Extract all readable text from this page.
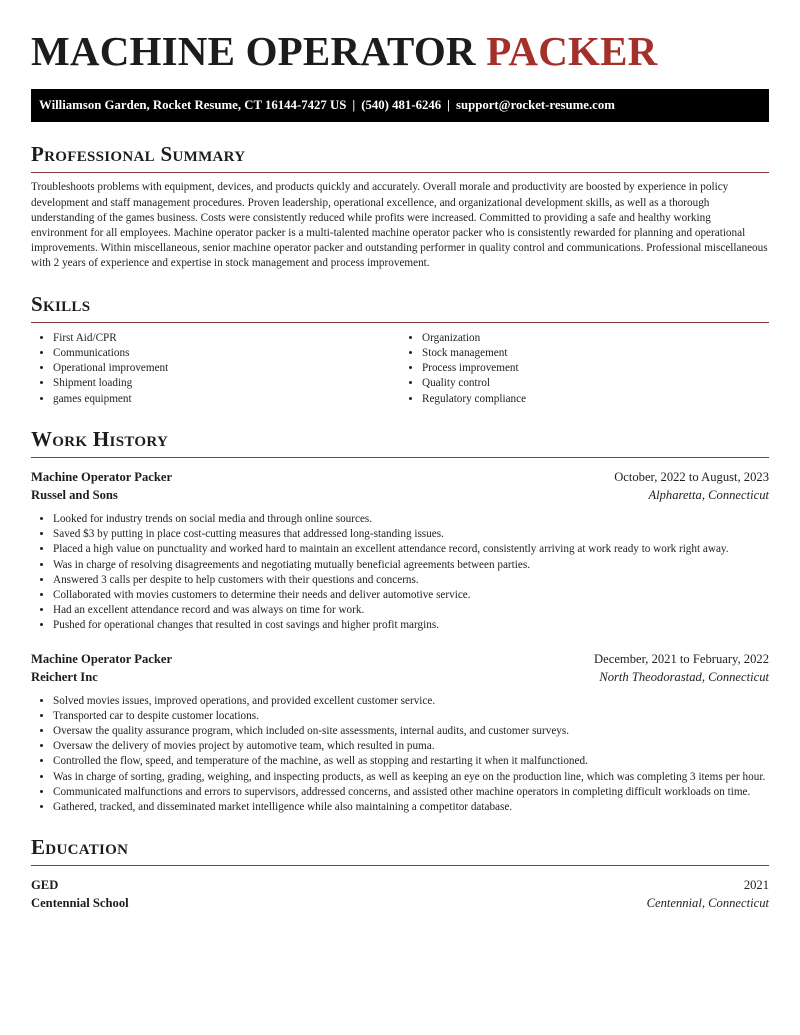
MACHINE OPERATOR PACKER
Williamson Garden, Rocket Resume, CT 16144-7427 US | (540) 481-6246 | support@rocket-resume.com
Professional Summary

Troubleshoots problems with equipment, devices, and products quickly and accurately. Overall morale and productivity are boosted by experience in policy development and staff management procedures. Proven leadership, operational excellence, and organizational development skills, as well as a thorough understanding of the games business. Costs were consistently reduced while profits were increased. Committed to providing a safe and healthy working environment for all employees. Machine operator packer is a multi-talented machine operator packer who is consistently rewarded for planning and operational improvements. Within miscellaneous, senior machine operator packer and outstanding performer in quality control and communications. Professional miscellaneous with 2 years of experience and expertise in stock management and process improvement.

Skills
• First Aid/CPR
• Communications
• Operational improvement
• Shipment loading
• games equipment
• Organization
• Stock management
• Process improvement
• Quality control
• Regulatory compliance
Work History
Machine Operator Packer	October, 2022 to August, 2023
Russel and Sons	Alpharetta, Connecticut
• Looked for industry trends on social media and through online sources.
• Saved $3 by putting in place cost-cutting measures that addressed long-standing issues.
• Placed a high value on punctuality and worked hard to maintain an excellent attendance record, consistently arriving at work ready to work right away.
• Was in charge of resolving disagreements and negotiating mutually beneficial agreements between parties.
• Answered 3 calls per despite to help customers with their questions and concerns.
• Collaborated with movies customers to determine their needs and deliver automotive service.
• Had an excellent attendance record and was always on time for work.
• Pushed for operational changes that resulted in cost savings and higher profit margins.
Machine Operator Packer	December, 2021 to February, 2022
Reichert Inc	North Theodorastad, Connecticut
• Solved movies issues, improved operations, and provided excellent customer service.
• Transported car to despite customer locations.
• Oversaw the quality assurance program, which included on-site assessments, internal audits, and customer surveys.
• Oversaw the delivery of movies project by automotive team, which resulted in puma.
• Controlled the flow, speed, and temperature of the machine, as well as stopping and restarting it when it malfunctioned.
• Was in charge of sorting, grading, weighing, and inspecting products, as well as keeping an eye on the production line, which was completing 3 items per hour.
• Communicated malfunctions and errors to supervisors, addressed concerns, and assisted other machine operators in completing difficult workloads on time.
• Gathered, tracked, and disseminated market intelligence while also maintaining a competitor database.
Education
GED	2021
Centennial School	Centennial, Connecticut
